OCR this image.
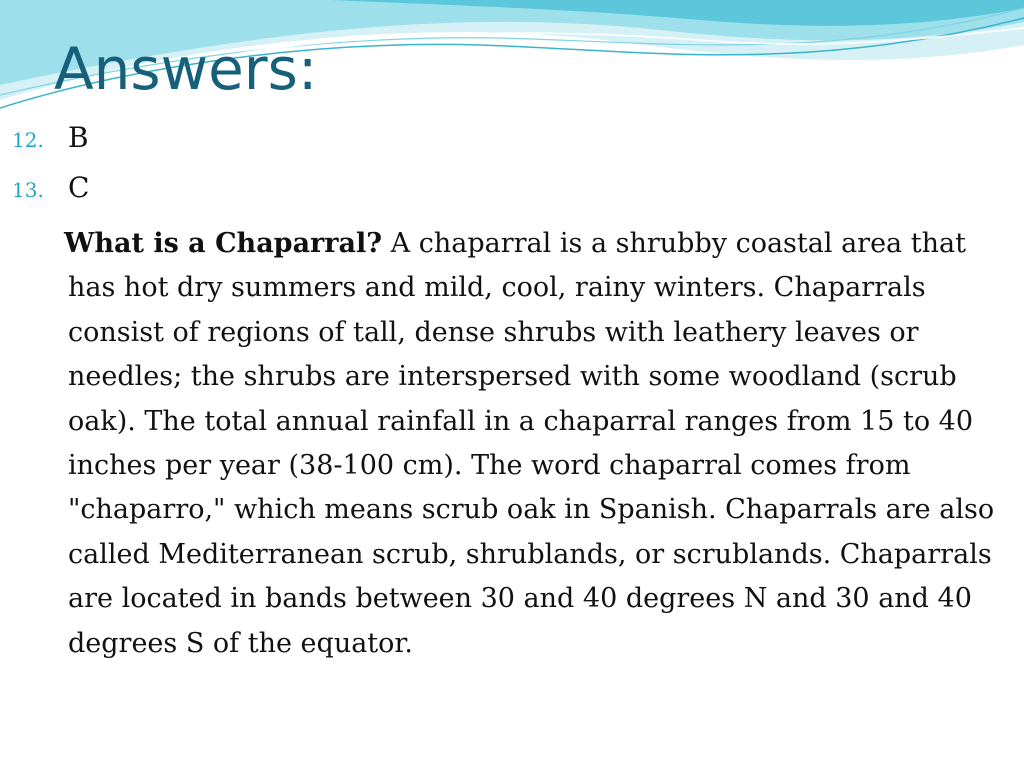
Answers:
12. B
13. C

What is a Chaparral? A chaparral is a shrubby coastal area that has hot dry summers and mild, cool, rainy winters. Chaparrals consist of regions of tall, dense shrubs with leathery leaves or needles; the shrubs are interspersed with some woodland (scrub oak). The total annual rainfall in a chaparral ranges from 15 to 40 inches per year (38-100 cm). The word chaparral comes from "chaparro," which means scrub oak in Spanish. Chaparrals are also called Mediterranean scrub, shrublands, or scrublands. Chaparrals are located in bands between 30 and 40 degrees N and 30 and 40 degrees S of the equator.
